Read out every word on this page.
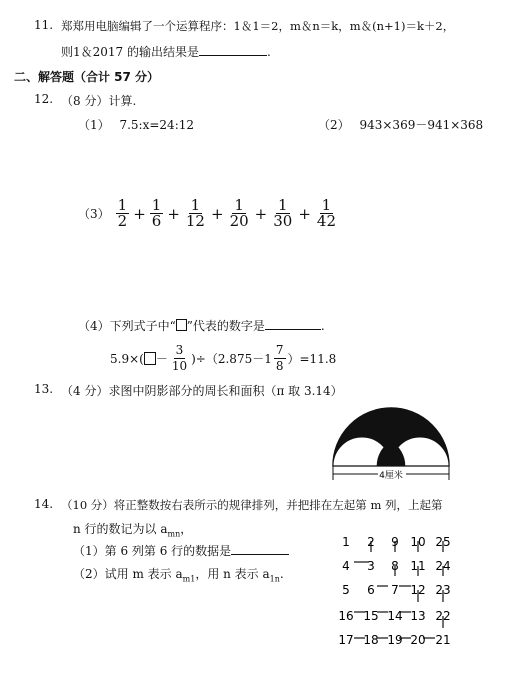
11. 郑郑用电脑编辑了一个运算程序：1＆1＝2，m＆n＝k，m＆(n+1)＝k＋2，
则1＆2017 的输出结果是	.
二、解答题（合计 57 分）
12. （8 分）计算.
（1） 7.5:x=24:12	（2） 943×369－941×368
$(3) \frac{1}{2} + \frac{1}{6} + \frac{1}{12} + \frac{1}{20} + \frac{1}{30} + \frac{1}{42}$
（4）下列式子中“ ”代表的数字是	.
$5.9\times( - \frac{3}{10} )\div(2.875-1 \frac{7}{8} )=11.8$
13. （4 分）求图中阴影部分的周长和面积（π 取 3.14）
4厘米
14. （10 分）将正整数按右表所示的规律排列，并把排在左起第 m 列，上起第
n 行的数记为以 $a_{mn}$，
（1）第 6 列第 6 行的数据是
（2）试用 m 表示 $a_{m1}$，用 n 表示 $a_{1n}$.
1 2 9 10 25
4 3 8 11 24
5 6 7 12 23
16 15 14 13 22
17 18 19 20 21
